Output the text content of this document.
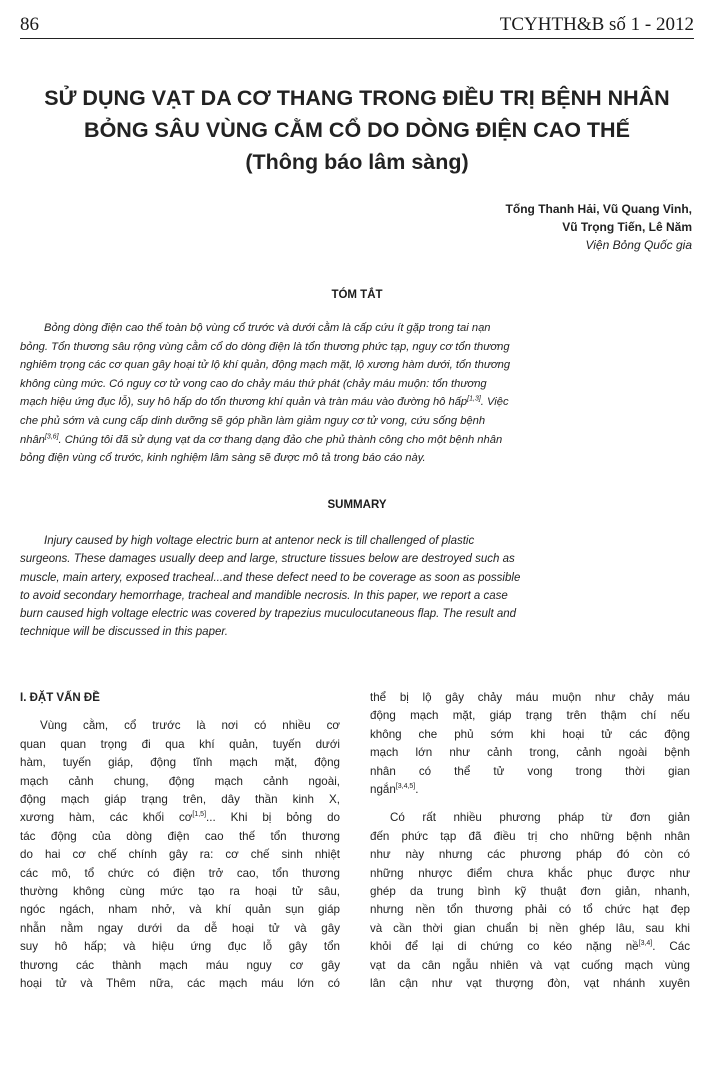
86	TCYHTH&B số 1 - 2012
SỬ DỤNG VẠT DA CƠ THANG TRONG ĐIỀU TRỊ BỆNH NHÂN
BỎNG SÂU VÙNG CẰM CỔ DO DÒNG ĐIỆN CAO THẾ
(Thông báo lâm sàng)
Tống Thanh Hải, Vũ Quang Vinh,
Vũ Trọng Tiến, Lê Năm
Viện Bỏng Quốc gia
TÓM TẮT
Bỏng dòng điện cao thế toàn bộ vùng cổ trước và dưới cằm là cấp cứu ít gặp trong tai nạn
bỏng. Tổn thương sâu rộng vùng cằm cổ do dòng điện là tổn thương phức tạp, nguy cơ tổn thương
nghiêm trọng các cơ quan gây hoại tử lộ khí quản, động mạch mặt, lộ xương hàm dưới, tổn thương
không cùng mức. Có nguy cơ tử vong cao do chảy máu thứ phát (chảy máu muộn: tổn thương
mạch hiệu ứng đục lỗ), suy hô hấp do tổn thương khí quản và tràn máu vào đường hô hấp[1,3]. Việc
che phủ sớm và cung cấp dinh dưỡng sẽ góp phần làm giảm nguy cơ tử vong, cứu sống bệnh
nhân[3,6]. Chúng tôi đã sử dụng vạt da cơ thang dạng đảo che phủ thành công cho một bệnh nhân
bỏng điện vùng cổ trước, kinh nghiệm lâm sàng sẽ được mô tả trong báo cáo này.
SUMMARY
Injury caused by high voltage electric burn at antenor neck is till challenged of plastic
surgeons. These damages usually deep and large, structure tissues below are destroyed such as
muscle, main artery, exposed tracheal...and these defect need to be coverage as soon as possible
to avoid secondary hemorrhage, tracheal and mandible necrosis. In this paper, we report a case
burn caused high voltage electric was covered by trapezius muculocutaneous flap. The result and
technique will be discussed in this paper.
I. ĐẶT VẤN ĐỀ
Vùng cằm, cổ trước là nơi có nhiều cơ
quan quan trọng đi qua khí quản, tuyến dưới
hàm, tuyến giáp, động tĩnh mạch mặt, động
mạch cảnh chung, động mạch cảnh ngoài,
động mạch giáp trạng trên, dây thần kinh X,
xương hàm, các khối cơ[1,5]... Khi bị bỏng do
tác động của dòng điện cao thế tổn thương
do hai cơ chế chính gây ra: cơ chế sinh nhiệt
các mô, tổ chức có điện trở cao, tổn thương
thường không cùng mức tạo ra hoại tử sâu,
ngóc ngách, nham nhở, và khí quản sụn giáp
nhẫn nằm ngay dưới da dễ hoại tử và gây
suy hô hấp; và hiệu ứng đục lỗ gây tổn
thương các thành mạch máu nguy cơ gây
hoại tử và Thêm nữa, các mạch máu lớn có
thể bị lộ gây chảy máu muộn như chảy máu
động mạch mặt, giáp trạng trên thậm chí nếu
không che phủ sớm khi hoại tử các động
mạch lớn như cảnh trong, cảnh ngoài bệnh
nhân có thể tử vong trong thời gian
ngắn[3,4,5].
Có rất nhiều phương pháp từ đơn giản
đến phức tạp đã điều trị cho những bệnh nhân
như này nhưng các phương pháp đó còn có
những nhược điểm chưa khắc phục được như
ghép da trung bình kỹ thuật đơn giản, nhanh,
nhưng nền tổn thương phải có tổ chức hạt đẹp
và cần thời gian chuẩn bị nền ghép lâu, sau khi
khỏi để lại di chứng co kéo nặng nề[3,4]. Các
vạt da cân ngẫu nhiên và vạt cuống mạch vùng
lân cận như vạt thượng đòn, vạt nhánh xuyên
